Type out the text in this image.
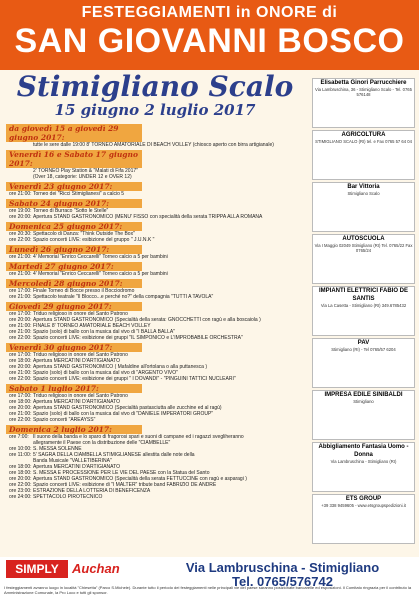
FESTEGGIAMENTI in ONORE di
SAN GIOVANNI BOSCO
Stimigliano Scalo
15 giugno 2 luglio 2017
da giovedì 15 a giovedì 29 giugno 2017:
tutte le sere dalle 19:00 8' TORNEO AMATORIALE DI BEACH VOLLEY (chiosco aperto con birra artigianale)
Venerdì 16 e Sabato 17 giugno 2017:
2' TORNEO Play Station & "Malati di Fifa 2017"
(Over 18, categorie: UNDER 12 e OVER 12)
Venerdì 23 giugno 2017:
ore 21:00:Torneo dei "Ricci Stimiglianesi" a calcio 5
Sabato 24 giugno 2017:
ore 19:00:Torneo di Burraco "Sotto le Stelle"
ore 20:00:Apertura STAND GASTRONOMICO (MENU' FISSO con specialità della serata TRIPPA ALLA ROMANA
Domenica 25 giugno 2017:
ore 20:30:Spettacolo di Danza: "Think Outside The Box"
ore 22:00:Spazio concerti LIVE: esibizione del gruppo " J.U.N.K "
Lunedì 26 giugno 2017:
ore 21:00:4' Memorial "Enrico Ceccarelli" Torneo calcio a 5 per bambini
Martedì 27 giugno 2017:
ore 21:00:4' Memorial "Enrico Ceccarelli" Torneo calcio a 5 per bambini
Mercoledì 28 giugno 2017:
ore 17:00:Finale Torneo di Bocce presso il Bocciodromo
ore 21:00:Spettacolo teatrale "Il Blocco...e perché no?" della compagnia "TUTTI A TAVOLA"
Giovedì 29 giugno 2017:
ore 17:00:Triduo religioso in onore del Santo Patrono
ore 20:00:Apertura STAND GASTRONOMICO (Specialità della serata: GNOCCHETTI con ragù e alla boscaiola )
ore 21:00:FINALE 8' TORNEO AMATORIALE BEACH VOLLEY
ore 21:00:Spazio (solo) di ballo con la musica dal vivo di "I BALLA BALLA"
ore 22:00:Spazio concerti LIVE: esibizione dei gruppi "IL SIMPONICO e L'IMPROBABILE ORCHESTRA"
Venerdì 30 giugno 2017:
ore 17:00:Triduo religioso in onore del Santo Patrono
ore 18:00:Apertura MERCATINI D'ARTIGIANATO
ore 20:00:Apertura STAND GASTRONOMICO ( Mafaldine all'ortolana o alla puttanesca )
ore 21:00:Spazio (solo) di ballo con la musica dal vivo di "ARGENTO VIVO"
ore 22:00:Spazio concerti LIVE: esibizione dei gruppi " I DOVANDI" - "PINGUINI TATTICI NUCLEARI"
Sabato 1 luglio 2017:
ore 17:00:Triduo religioso in onore del Santo Patrono
ore 18:00:Apertura MERCATINI D'ARTIGIANATO
ore 20:00:Apertura STAND GASTRONOMICO (Specialità pastasciutta alle zucchine ed al ragù)
ore 21:00:Spazio (solo) di ballo con la musica dal vivo di "DANIELE IMPERATORI GROUP"
ore 22:00:Spazio concerti "AREAYSS"
Domenica 2 luglio 2017:
ore 7:00: Il suono della banda e lo sparo di fragorosi spari e suoni di campane ed i ragazzi svegliheranno
allegramente il Paese con la distribuzione delle "CIAMBELLE"
ore 10:00:S. MESSA SOLENNE
ore 11:00: 5' SAGRA DELLA CIAMBELLA STIMIGLIANESE allestita dalle note della
Banda Musicale "VALLETIBERINA"
ore 18:00:Apertura MERCATINI D'ARTIGIANATO
ore 18:00:S. MESSA E PROCESSIONE PER LE VIE DEL PAESE con la Statua del Santo
ore 20:00:Apertura STAND GASTRONOMICO (Specialità della serata FETTUCCINE con ragù e asparagi )
ore 22:00:Spazio concerti LIVE: esibizione di "I MALTER" tribute band FABRIZIO DE ANDRE
ore 23:00:ESTRAZIONE DELLA LOTTERIA DI BENEFICENZA
ore 24:00:SPETTACOLO PIROTECNICO
Elisabetta Ginori Parrucchiere
Via Lambruschina, 36 - Stimigliano Scalo - Tel. 0765 576148
AGRICOLTURA
STIMIGLIANO SCALO (RI) tel. e Fax 0765 57 64 04
Bar Vittoria
Stimigliano Scalo
AUTOSCUOLA
Via I Maggio 02049 Stimigliano (RI) Tel. 0765/22 Fax 0765/24
IMPIANTI ELETTRICI FABIO DE SANTIS
Via La Casetta - Stimigliano (RI) 349.6785432
PAV
Stimigliano (RI) - Tel 0765/57 6204
IMPRESA EDILE SINIBALDI
Stimigliano
Abbigliamento Fantasia Uomo - Donna
Via Lambruschina - Stimigliano (RI)
ETS GROUP
+39 338 9459605 - www.etsgroupspedizioni.it
SIMPLY	Auchan	Via Lambruschina - Stimigliano
Tel. 0765/576742
I festeggiamenti avranno luogo in località "Chiesetta" (Parco S.Michele). Durante tutto il periodo dei festeggiamenti nelle principali vie del paese saranno posizionate bancarelle ed esposizioni. Il Comitato ringrazia per il contributo la Amministrazione Comunale, la Pro Loco e tutti gli sponsor.
